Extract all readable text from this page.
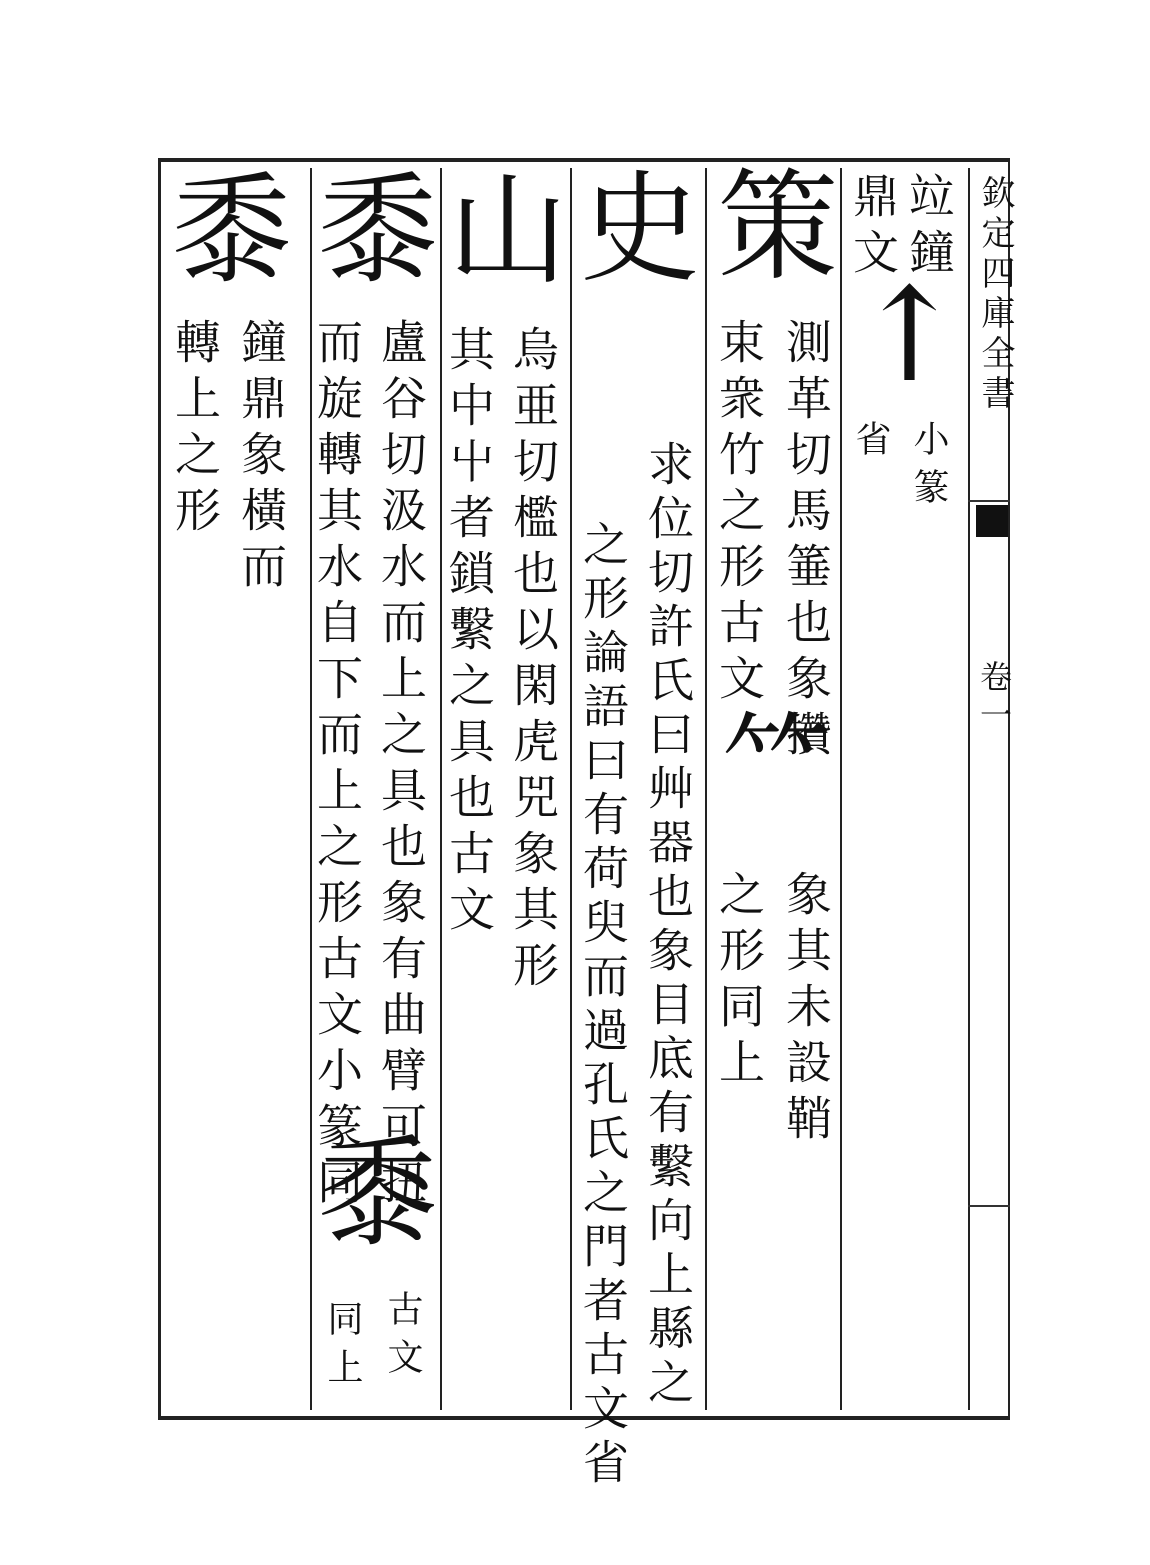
欽定四庫全書
卷一
竝鐘
鼎文
↑
小篆
省
策
測革切馬箠也象攢
束衆竹之形古文
𥫗
象其未設鞘
之形同上
史
求位切許氏曰艸器也象目底有繫向上縣之
之形論語曰有荷臾而過孔氏之門者古文省
山
烏亜切檻也以閑虎兕象其形
其中屮者鎖繫之具也古文
黍
盧谷切汲水而上之具也象有曲臂可扭
而旋轉其水自下而上之形古文小篆同
黍
古文
同上
黍
鐘鼎象橫而
轉上之形
